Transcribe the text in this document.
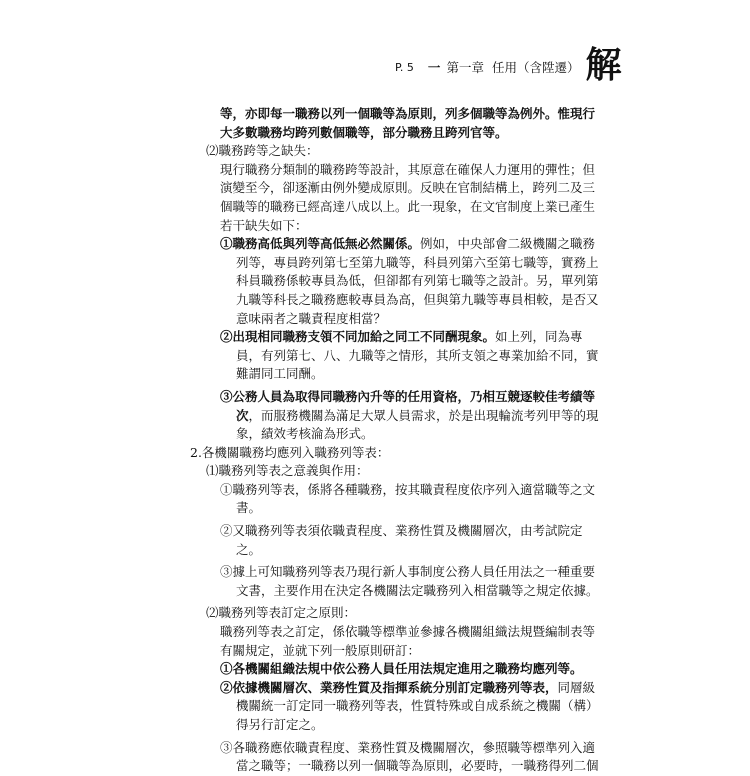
P. 5 一 第一章 任用（含陞遷） 解
等，亦即每一職務以列一個職等為原則，列多個職等為例外。惟現行
大多數職務均跨列數個職等，部分職務且跨列官等。
⑵職務跨等之缺失：
現行職務分類制的職務跨等設計，其原意在確保人力運用的彈性；但
演變至今，卻逐漸由例外變成原則。反映在官制結構上，跨列二及三
個職等的職務已經高達八成以上。此一現象，在文官制度上業已產生
若干缺失如下：
①職務高低與列等高低無必然關係。例如，中央部會二級機關之職務
列等，專員跨列第七至第九職等，科員列第六至第七職等，實務上
科員職務係較專員為低，但卻都有列第七職等之設計。另，單列第
九職等科長之職務應較專員為高，但與第九職等專員相較，是否又
意味兩者之職責程度相當？
②出現相同職務支領不同加給之同工不同酬現象。如上列，同為專
員，有列第七、八、九職等之情形，其所支領之專業加給不同，實
難謂同工同酬。
③公務人員為取得同職務內升等的任用資格，乃相互競逐較佳考績等
次，而服務機關為滿足大眾人員需求，於是出現輪流考列甲等的現
象，績效考核淪為形式。
2.各機關職務均應列入職務列等表：
⑴職務列等表之意義與作用：
①職務列等表，係將各種職務，按其職責程度依序列入適當職等之文
書。
②又職務列等表須依職責程度、業務性質及機關層次，由考試院定
之。
③據上可知職務列等表乃現行新人事制度公務人員任用法之一種重要
文書，主要作用在決定各機關法定職務列入相當職等之規定依據。
⑵職務列等表訂定之原則：
職務列等表之訂定，係依職等標準並參據各機關組織法規暨編制表等
有關規定，並就下列一般原則研訂：
①各機關組織法規中依公務人員任用法規定進用之職務均應列等。
②依據機關層次、業務性質及指揮系統分別訂定職務列等表，同層級
機關統一訂定同一職務列等表，性質特殊或自成系統之機關（構）
得另行訂定之。
③各職務應依職責程度、業務性質及機關層次，參照職等標準列入適
當之職等；一職務以列一個職等為原則，必要時，一職務得列二個
